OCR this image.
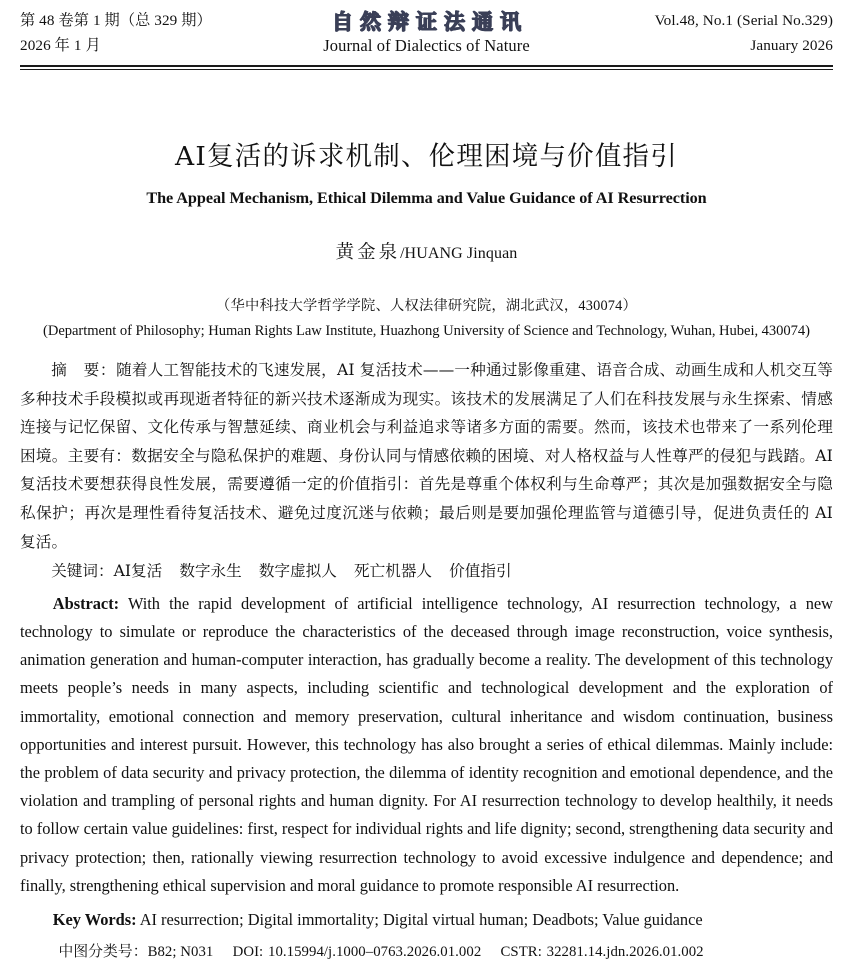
第 48 卷第 1 期（总 329 期）
2026 年 1 月
自然辩证法通讯
Journal of Dialectics of Nature
Vol.48, No.1 (Serial No.329)
January 2026
AI复活的诉求机制、伦理困境与价值指引
The Appeal Mechanism, Ethical Dilemma and Value Guidance of AI Resurrection
黄金泉/HUANG Jinquan
（华中科技大学哲学学院、人权法律研究院，湖北武汉，430074）
(Department of Philosophy; Human Rights Law Institute, Huazhong University of Science and Technology, Wuhan, Hubei, 430074)

摘　要：随着人工智能技术的飞速发展，AI 复活技术——一种通过影像重建、语音合成、动画生成和人机交互等多种技术手段模拟或再现逝者特征的新兴技术逐渐成为现实。该技术的发展满足了人们在科技发展与永生探索、情感连接与记忆保留、文化传承与智慧延续、商业机会与利益追求等诸多方面的需要。然而，该技术也带来了一系列伦理困境。主要有：数据安全与隐私保护的难题、身份认同与情感依赖的困境、对人格权益与人性尊严的侵犯与践踏。AI复活技术要想获得良性发展，需要遵循一定的价值指引：首先是尊重个体权利与生命尊严；其次是加强数据安全与隐私保护；再次是理性看待复活技术、避免过度沉迷与依赖；最后则是要加强伦理监管与道德引导，促进负责任的 AI 复活。

关键词：AI复活 数字永生 数字虚拟人 死亡机器人 价值指引

Abstract: With the rapid development of artificial intelligence technology, AI resurrection technology, a new technology to simulate or reproduce the characteristics of the deceased through image reconstruction, voice synthesis, animation generation and human-computer interaction, has gradually become a reality. The development of this technology meets people’s needs in many aspects, including scientific and technological development and the exploration of immortality, emotional connection and memory preservation, cultural inheritance and wisdom continuation, business opportunities and interest pursuit. However, this technology has also brought a series of ethical dilemmas. Mainly include: the problem of data security and privacy protection, the dilemma of identity recognition and emotional dependence, and the violation and trampling of personal rights and human dignity. For AI resurrection technology to develop healthily, it needs to follow certain value guidelines: first, respect for individual rights and life dignity; second, strengthening data security and privacy protection; then, rationally viewing resurrection technology to avoid excessive indulgence and dependence; and finally, strengthening ethical supervision and moral guidance to promote responsible AI resurrection.

Key Words: AI resurrection; Digital immortality; Digital virtual human; Deadbots; Value guidance

中图分类号：B82; N031 DOI: 10.15994/j.1000–0763.2026.01.002 CSTR: 32281.14.jdn.2026.01.002
